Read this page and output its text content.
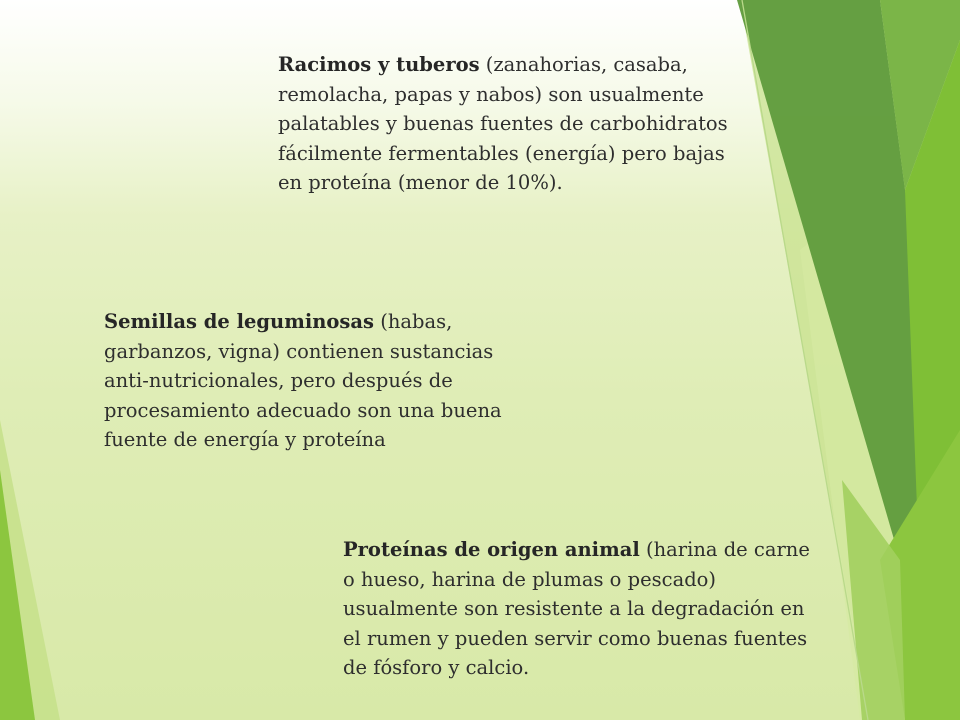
Racimos y tuberos (zanahorias, casaba, remolacha, papas y nabos) son usualmente palatables y buenas fuentes de carbohidratos fácilmente fermentables (energía) pero bajas en proteína (menor de 10%).

Semillas de leguminosas (habas, garbanzos, vigna) contienen sustancias anti-nutricionales, pero después de procesamiento adecuado son una buena fuente de energía y proteína

Proteínas de origen animal (harina de carne o hueso, harina de plumas o pescado) usualmente son resistente a la degradación en el rumen y pueden servir como buenas fuentes de fósforo y calcio.
